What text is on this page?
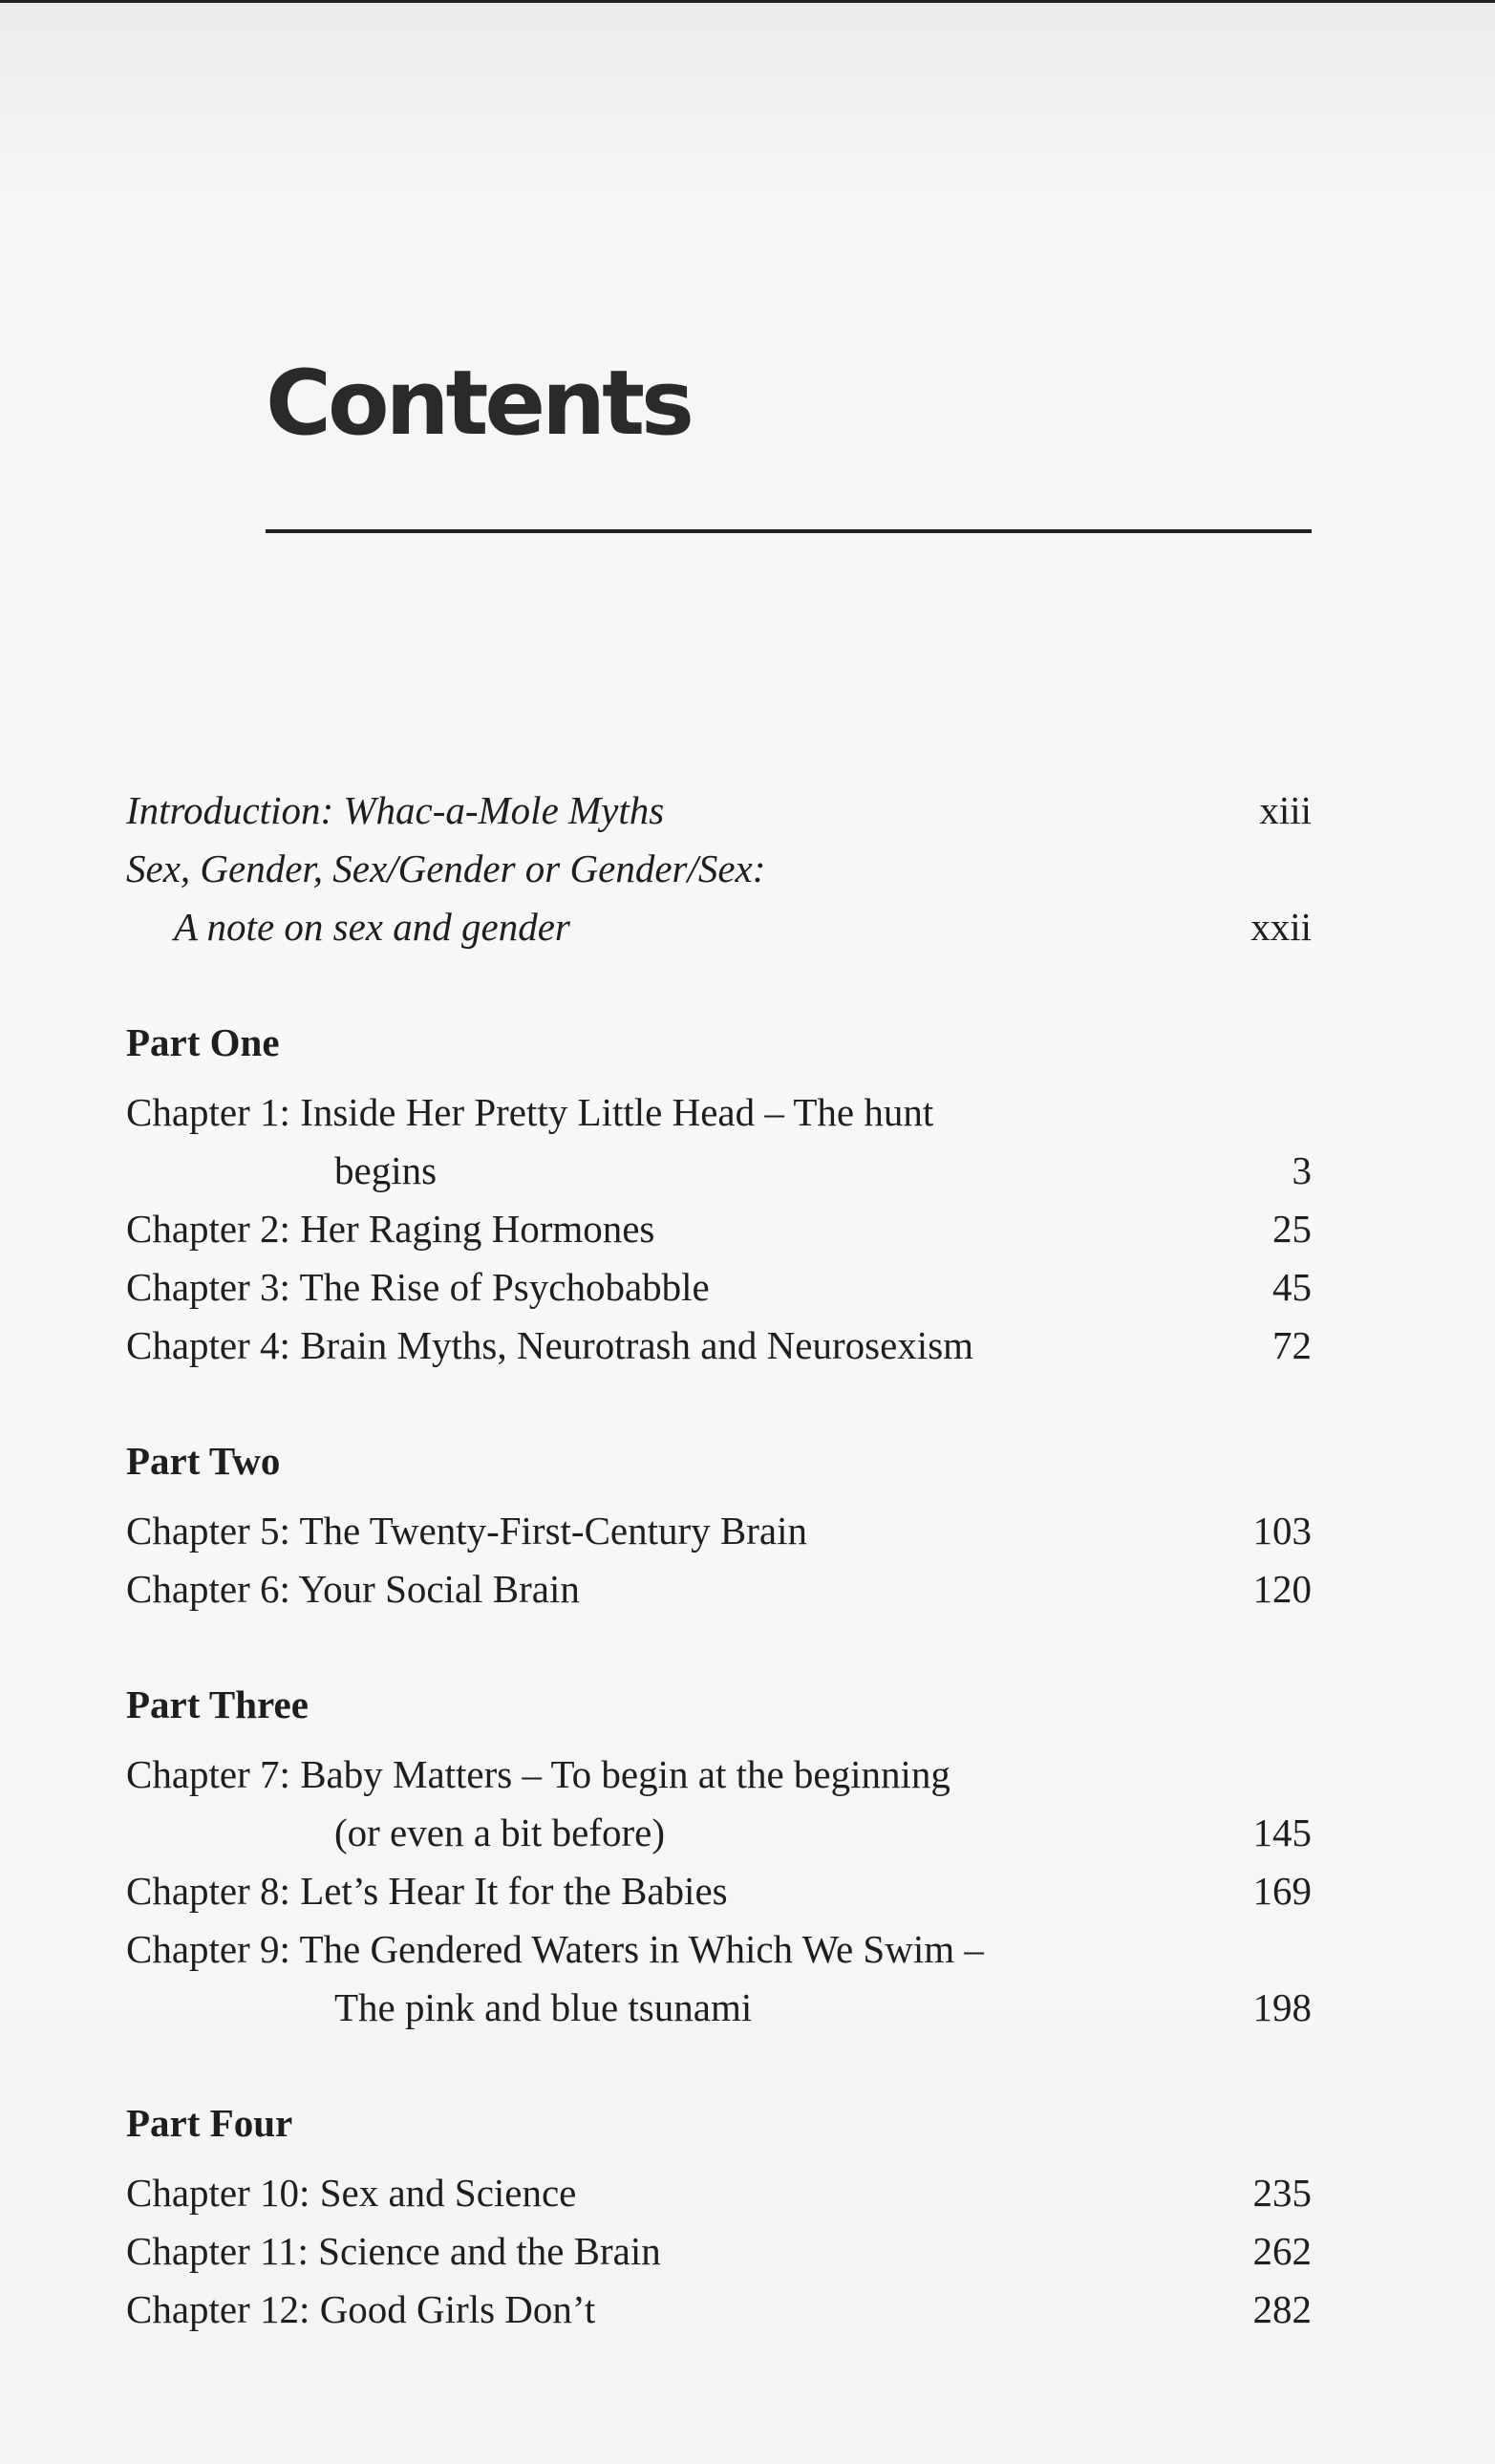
Contents
Introduction: Whac-a-Mole Myths	xiii
Sex, Gender, Sex/Gender or Gender/Sex:
A note on sex and gender	xxii
Part One
Chapter 1: Inside Her Pretty Little Head – The hunt
begins	3
Chapter 2: Her Raging Hormones	25
Chapter 3: The Rise of Psychobabble	45
Chapter 4: Brain Myths, Neurotrash and Neurosexism	72
Part Two
Chapter 5: The Twenty-First-Century Brain	103
Chapter 6: Your Social Brain	120
Part Three
Chapter 7: Baby Matters – To begin at the beginning
(or even a bit before)	145
Chapter 8: Let’s Hear It for the Babies	169
Chapter 9: The Gendered Waters in Which We Swim –
The pink and blue tsunami	198
Part Four
Chapter 10: Sex and Science	235
Chapter 11: Science and the Brain	262
Chapter 12: Good Girls Don’t	282
